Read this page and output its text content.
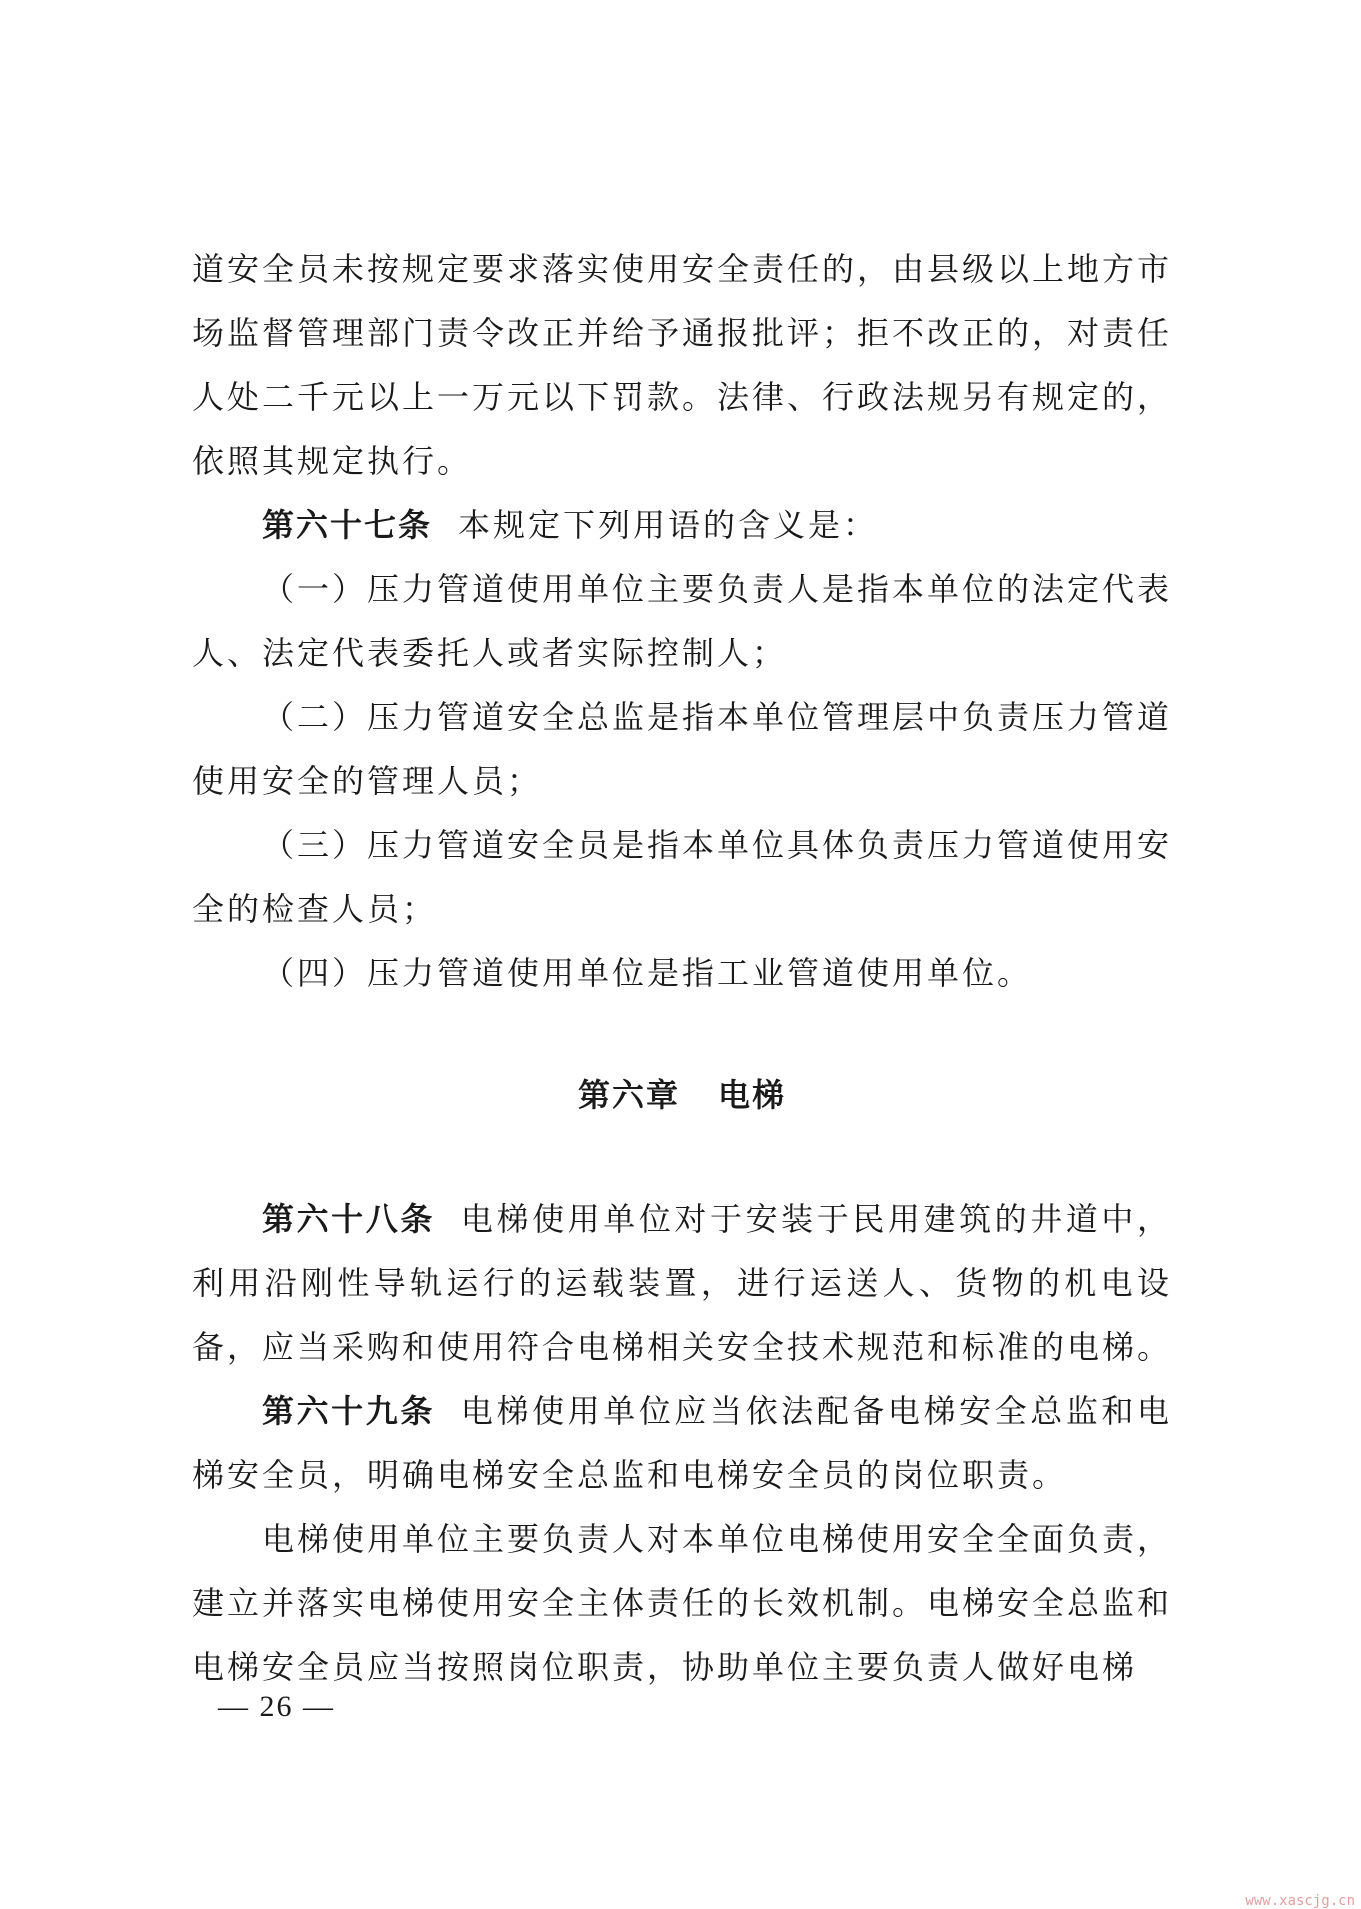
道安全员未按规定要求落实使用安全责任的，由县级以上地方市场监督管理部门责令改正并给予通报批评；拒不改正的，对责任人处二千元以上一万元以下罚款。法律、行政法规另有规定的，依照其规定执行。

第六十七条 本规定下列用语的含义是：

（一）压力管道使用单位主要负责人是指本单位的法定代表人、法定代表委托人或者实际控制人；

（二）压力管道安全总监是指本单位管理层中负责压力管道使用安全的管理人员；

（三）压力管道安全员是指本单位具体负责压力管道使用安全的检查人员；

（四）压力管道使用单位是指工业管道使用单位。

第六章 电梯

第六十八条 电梯使用单位对于安装于民用建筑的井道中，利用沿刚性导轨运行的运载装置，进行运送人、货物的机电设备，应当采购和使用符合电梯相关安全技术规范和标准的电梯。

第六十九条 电梯使用单位应当依法配备电梯安全总监和电梯安全员，明确电梯安全总监和电梯安全员的岗位职责。

电梯使用单位主要负责人对本单位电梯使用安全全面负责，建立并落实电梯使用安全主体责任的长效机制。电梯安全总监和电梯安全员应当按照岗位职责，协助单位主要负责人做好电梯

— 26 —
www.xascjg.cn
